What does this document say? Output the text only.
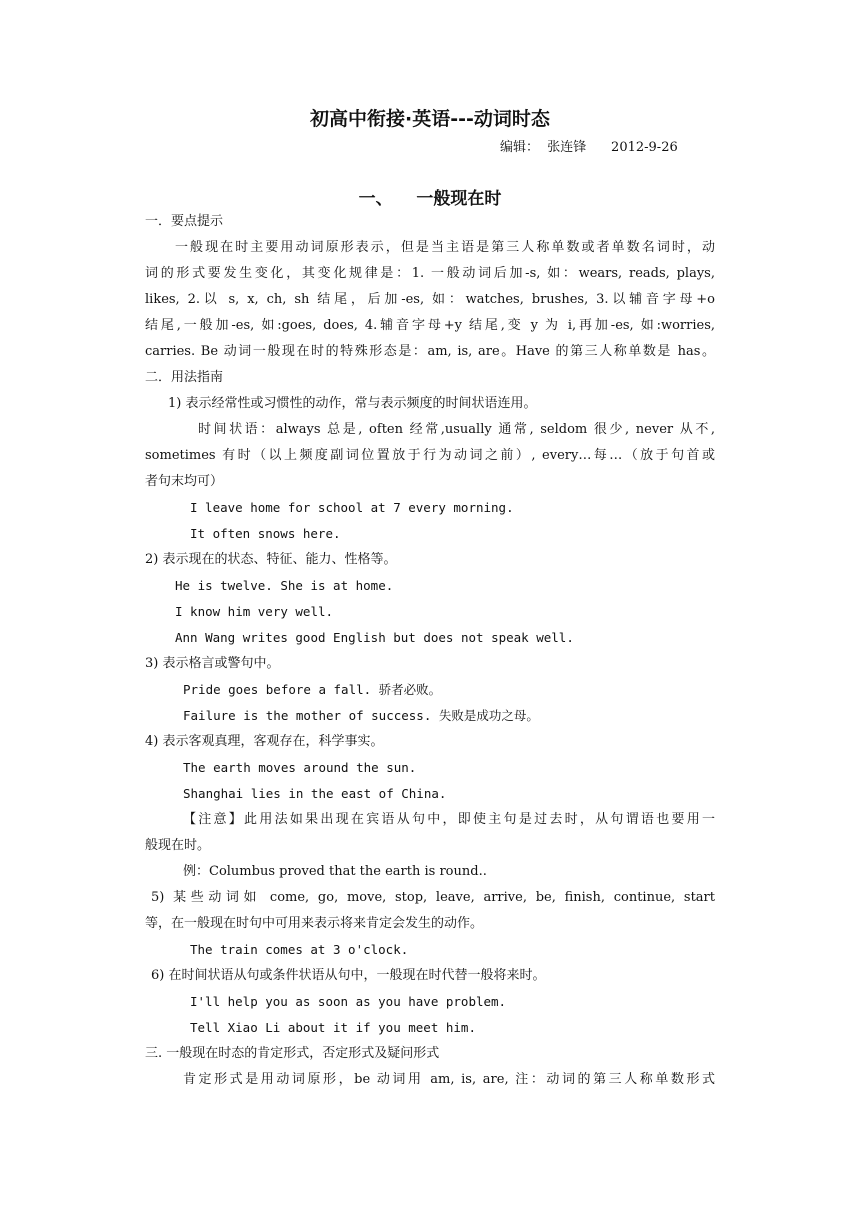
初高中衔接·英语---动词时态
编辑：  张连锋      2012-9-26
一、    一般现在时
一．要点提示
一般现在时主要用动词原形表示，但是当主语是第三人称单数或者单数名词时，动
词的形式要发生变化，其变化规律是：1. 一般动词后加-s, 如：wears, reads, plays,
likes, 2.以 s, x, ch, sh 结尾，后加-es, 如：watches, brushes, 3.以辅音字母+o
结尾,一般加-es, 如:goes, does, 4.辅音字母+y 结尾,变 y 为 i,再加-es, 如:worries,
carries. Be 动词一般现在时的特殊形态是：am, is, are。Have 的第三人称单数是 has。
二．用法指南
1) 表示经常性或习惯性的动作，常与表示频度的时间状语连用。
时间状语：always 总是, often 经常,usually 通常, seldom 很少, never 从不,
sometimes 有时（以上频度副词位置放于行为动词之前）, every…每…（放于句首或
者句末均可）
I leave home for school at 7 every morning.
It often snows here.
2) 表示现在的状态、特征、能力、性格等。
He is twelve. She is at home.
I know him very well.
Ann Wang writes good English but does not speak well.
3) 表示格言或警句中。
Pride goes before a fall. 骄者必败。
Failure is the mother of success. 失败是成功之母。
4) 表示客观真理，客观存在，科学事实。
The earth moves around the sun.
Shanghai lies in the east of China.
【注意】此用法如果出现在宾语从句中，即使主句是过去时，从句谓语也要用一
般现在时。
例：Columbus proved that the earth is round..
5) 某些动词如 come, go, move, stop, leave, arrive, be, finish, continue, start
等，在一般现在时句中可用来表示将来肯定会发生的动作。
The train comes at 3 o'clock.
6) 在时间状语从句或条件状语从句中，一般现在时代替一般将来时。
I'll help you as soon as you have problem.
Tell Xiao Li about it if you meet him.
三. 一般现在时态的肯定形式，否定形式及疑问形式
肯定形式是用动词原形，be 动词用 am, is, are, 注：动词的第三人称单数形式
